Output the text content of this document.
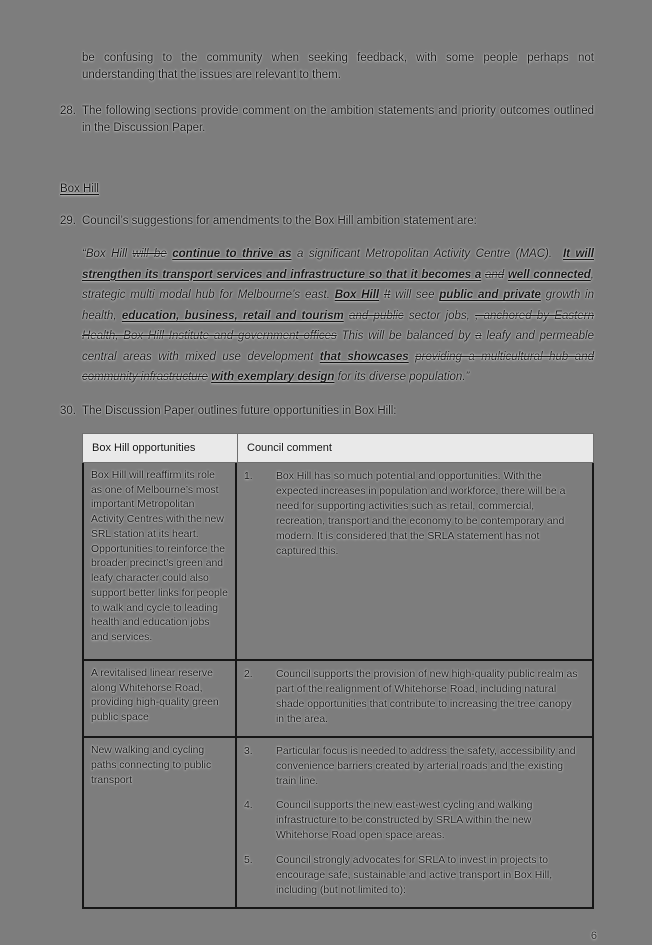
be confusing to the community when seeking feedback, with some people perhaps not understanding that the issues are relevant to them.

28. The following sections provide comment on the ambition statements and priority outcomes outlined in the Discussion Paper.
Box Hill
29. Council’s suggestions for amendments to the Box Hill ambition statement are:
“Box Hill will be continue to thrive as a significant Metropolitan Activity Centre (MAC).  It will strengthen its transport services and infrastructure so that it becomes a and well connected, strategic multi modal hub for Melbourne’s east. Box Hill It will see public and private growth in health, education, business, retail and tourism and public sector jobs, , anchored by Eastern Health, Box Hill Institute and government offices This will be balanced by a leafy and permeable central areas with mixed use development that showcases providing a multicultural hub and community infrastructure with exemplary design for its diverse population.”
30. The Discussion Paper outlines future opportunities in Box Hill:
Box Hill opportunities	Council comment
Box Hill will reaffirm its role as one of Melbourne’s most important Metropolitan Activity Centres with the new SRL station at its heart. Opportunities to reinforce the broader precinct’s green and leafy character could also support better links for people to walk and cycle to leading health and education jobs and services.
1.	Box Hill has so much potential and opportunities. With the expected increases in population and workforce, there will be a need for supporting activities such as retail, commercial, recreation, transport and the economy to be contemporary and modern. It is considered that the SRLA statement has not captured this.
A revitalised linear reserve along Whitehorse Road, providing high-quality green public space
2.	Council supports the provision of new high-quality public realm as part of the realignment of Whitehorse Road, including natural shade opportunities that contribute to increasing the tree canopy in the area.
New walking and cycling paths connecting to public transport
3.	Particular focus is needed to address the safety, accessibility and convenience barriers created by arterial roads and the existing train line.
4.	Council supports the new east-west cycling and walking infrastructure to be constructed by SRLA within the new Whitehorse Road open space areas.
5.	Council strongly advocates for SRLA to invest in projects to encourage safe, sustainable and active transport in Box Hill, including (but not limited to):
6
